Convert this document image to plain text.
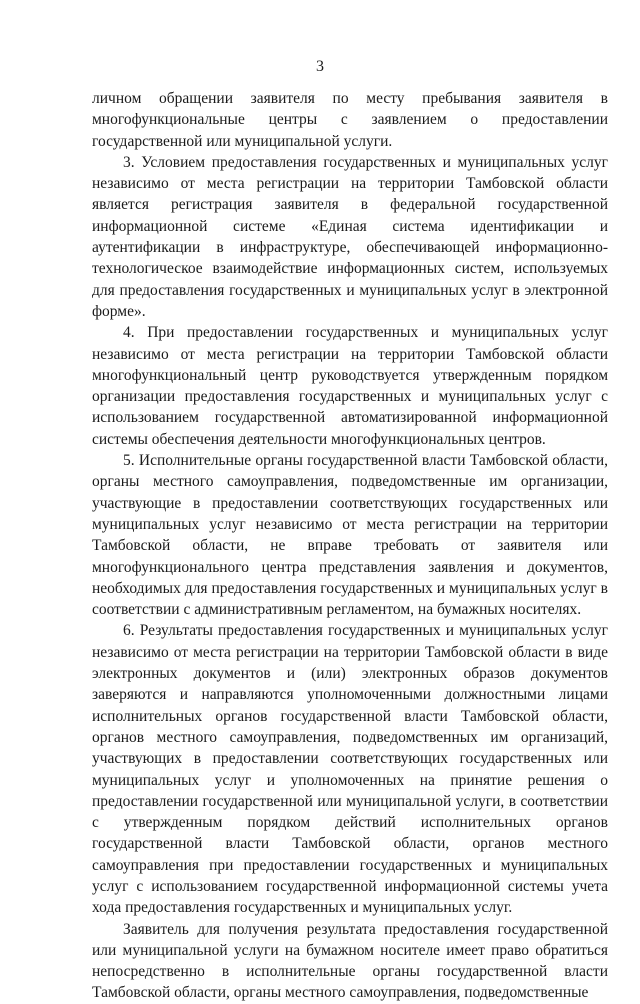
3

личном обращении заявителя по месту пребывания заявителя в многофункциональные центры с заявлением о предоставлении государственной или муниципальной услуги.

3. Условием предоставления государственных и муниципальных услуг независимо от места регистрации на территории Тамбовской области является регистрация заявителя в федеральной государственной информационной системе «Единая система идентификации и аутентификации в инфраструктуре, обеспечивающей информационно-технологическое взаимодействие информационных систем, используемых для предоставления государственных и муниципальных услуг в электронной форме».

4. При предоставлении государственных и муниципальных услуг независимо от места регистрации на территории Тамбовской области многофункциональный центр руководствуется утвержденным порядком организации предоставления государственных и муниципальных услуг с использованием государственной автоматизированной информационной системы обеспечения деятельности многофункциональных центров.

5. Исполнительные органы государственной власти Тамбовской области, органы местного самоуправления, подведомственные им организации, участвующие в предоставлении соответствующих государственных или муниципальных услуг независимо от места регистрации на территории Тамбовской области, не вправе требовать от заявителя или многофункционального центра представления заявления и документов, необходимых для предоставления государственных и муниципальных услуг в соответствии с административным регламентом, на бумажных носителях.

6. Результаты предоставления государственных и муниципальных услуг независимо от места регистрации на территории Тамбовской области в виде электронных документов и (или) электронных образов документов заверяются и направляются уполномоченными должностными лицами исполнительных органов государственной власти Тамбовской области, органов местного самоуправления, подведомственных им организаций, участвующих в предоставлении соответствующих государственных или муниципальных услуг и уполномоченных на принятие решения о предоставлении государственной или муниципальной услуги, в соответствии с утвержденным порядком действий исполнительных органов государственной власти Тамбовской области, органов местного самоуправления при предоставлении государственных и муниципальных услуг с использованием государственной информационной системы учета хода предоставления государственных и муниципальных услуг.

Заявитель для получения результата предоставления государственной или муниципальной услуги на бумажном носителе имеет право обратиться непосредственно в исполнительные органы государственной власти Тамбовской области, органы местного самоуправления, подведомственные
